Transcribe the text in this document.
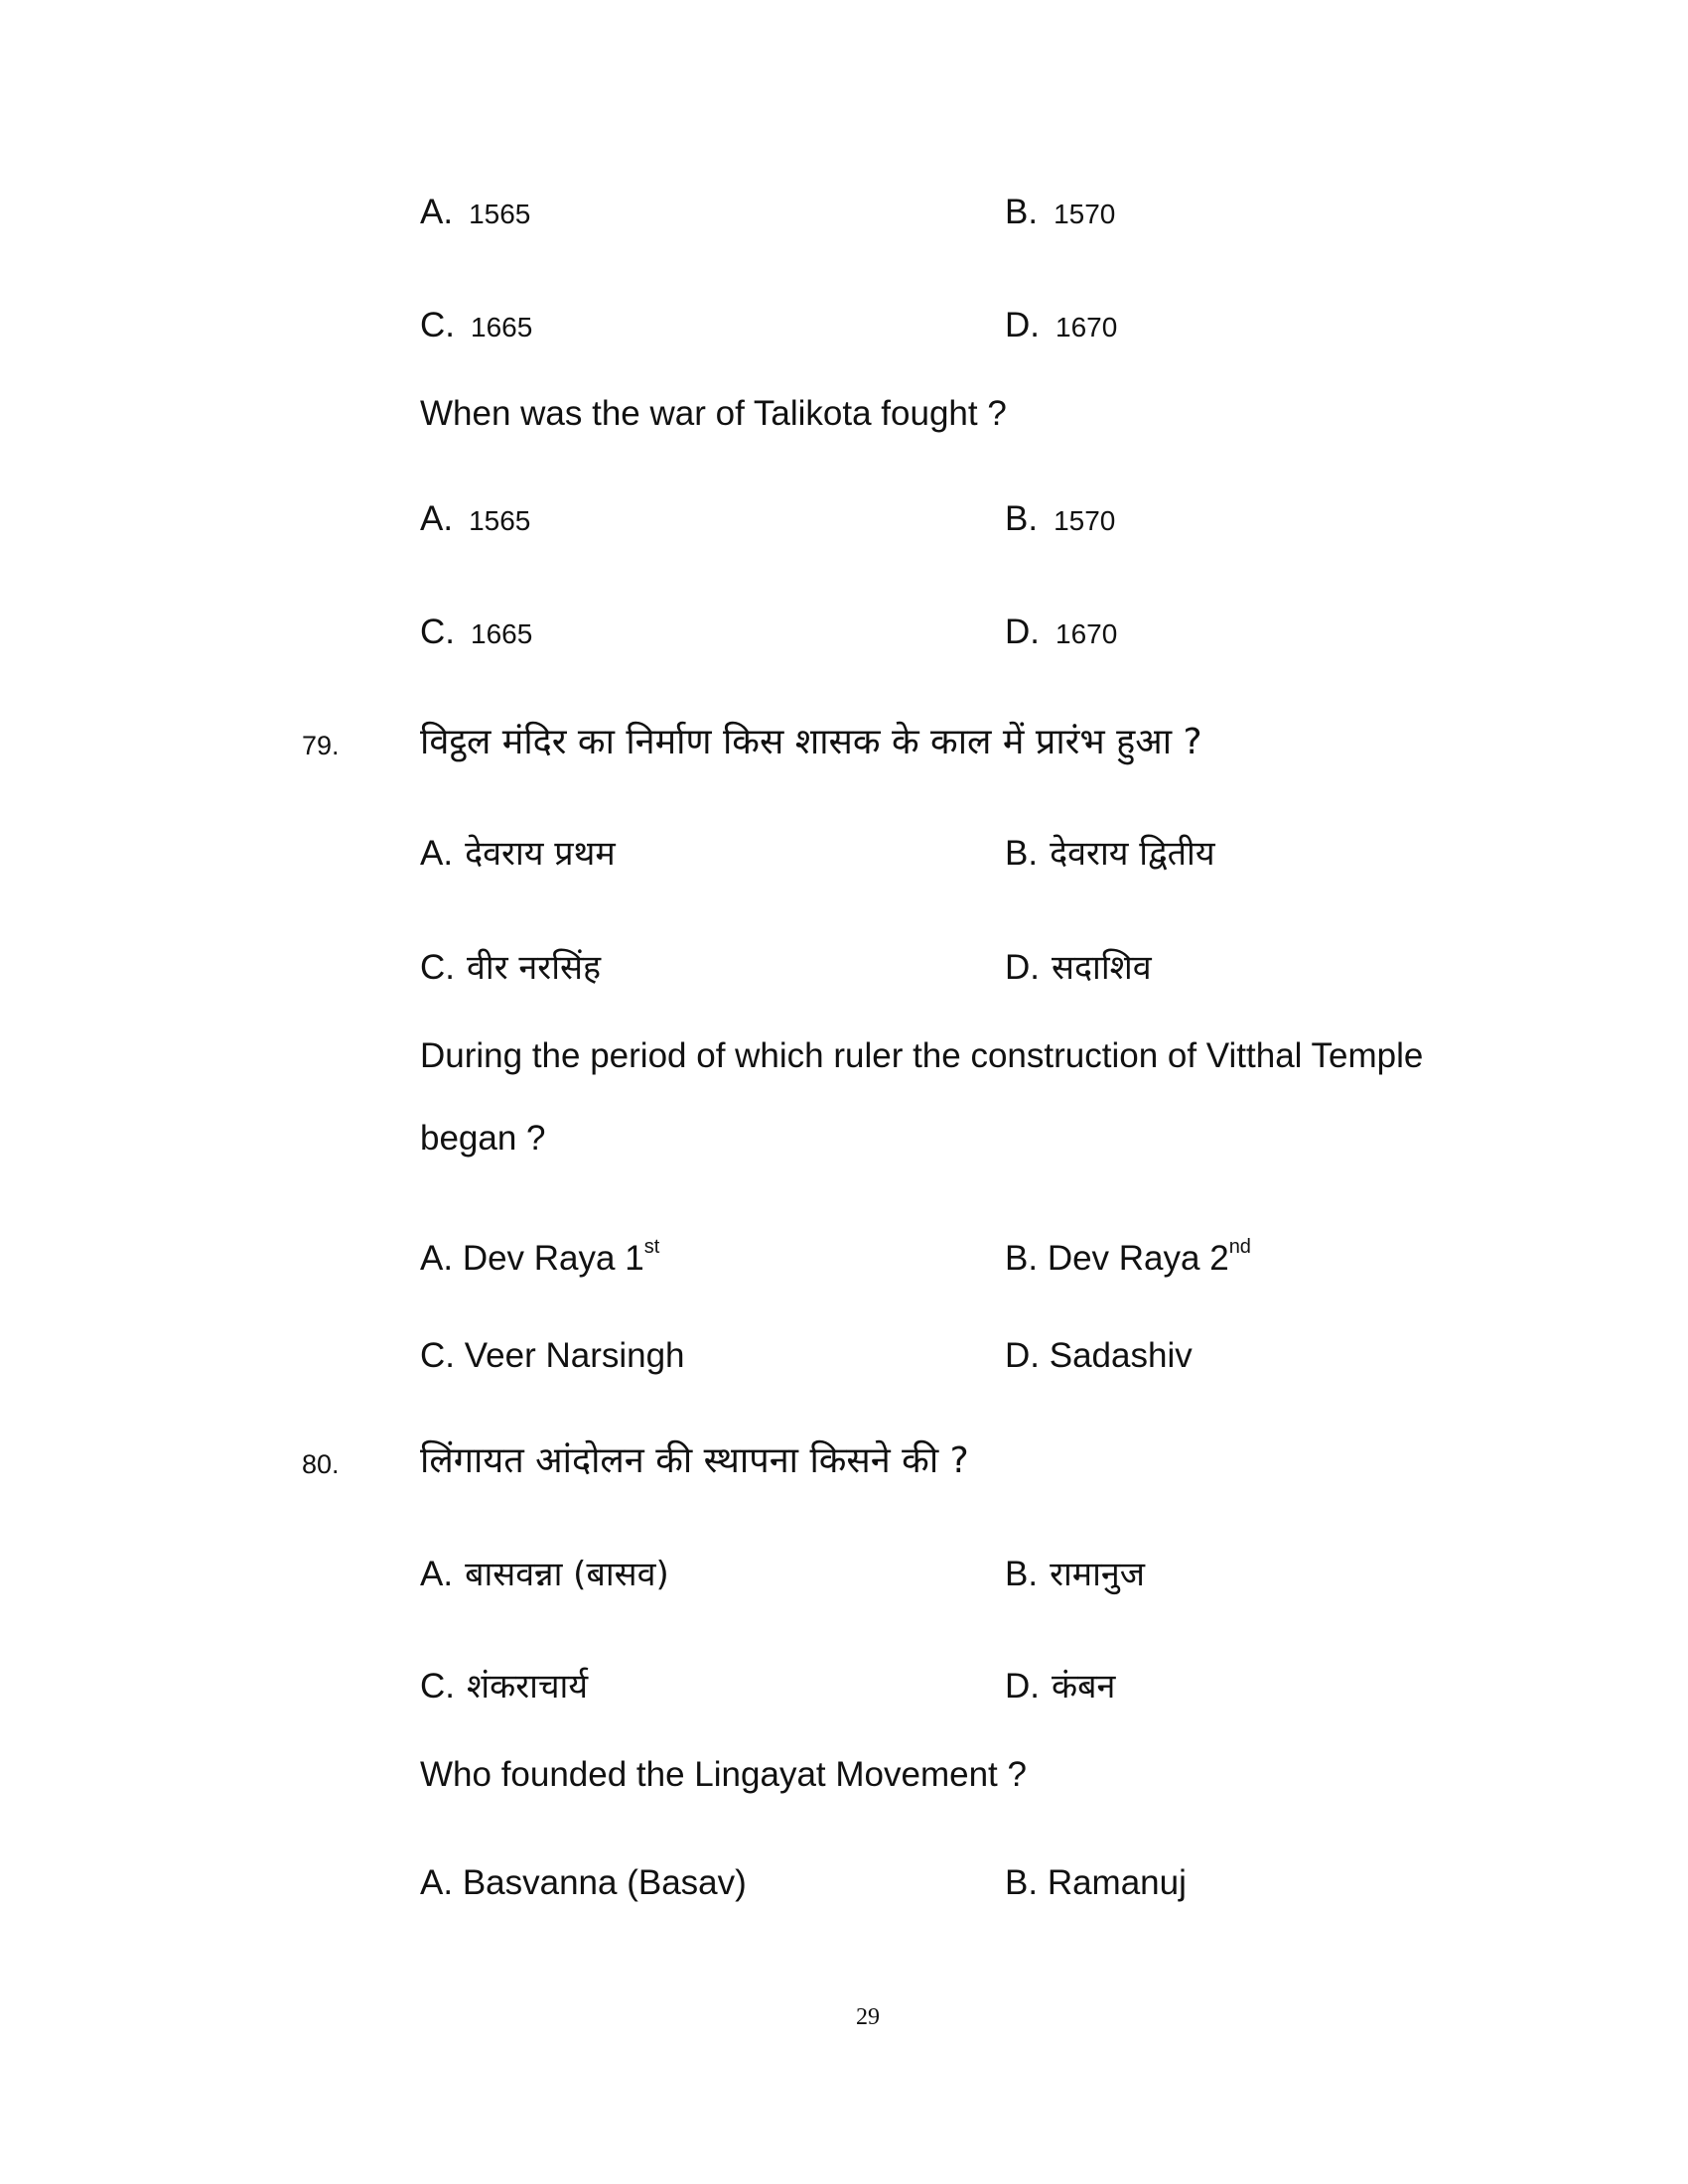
A. 1565	B. 1570
C. 1665	D. 1670
When was the war of Talikota fought ?
A. 1565	B. 1570
C. 1665	D. 1670
79. विट्ठल मंदिर का निर्माण किस शासक के काल में प्रारंभ हुआ ?
A. देवराय प्रथम	B. देवराय द्वितीय
C. वीर नरसिंह	D. सदाशिव
During the period of which ruler the construction of Vitthal Temple
began ?
A. Dev Raya 1st	B. Dev Raya 2nd
C. Veer Narsingh	D. Sadashiv
80. लिंगायत आंदोलन की स्थापना किसने की ?
A. बासवन्ना (बासव)	B. रामानुज
C. शंकराचार्य	D. कंबन
Who founded the Lingayat Movement ?
A. Basvanna (Basav)	B. Ramanuj
29
